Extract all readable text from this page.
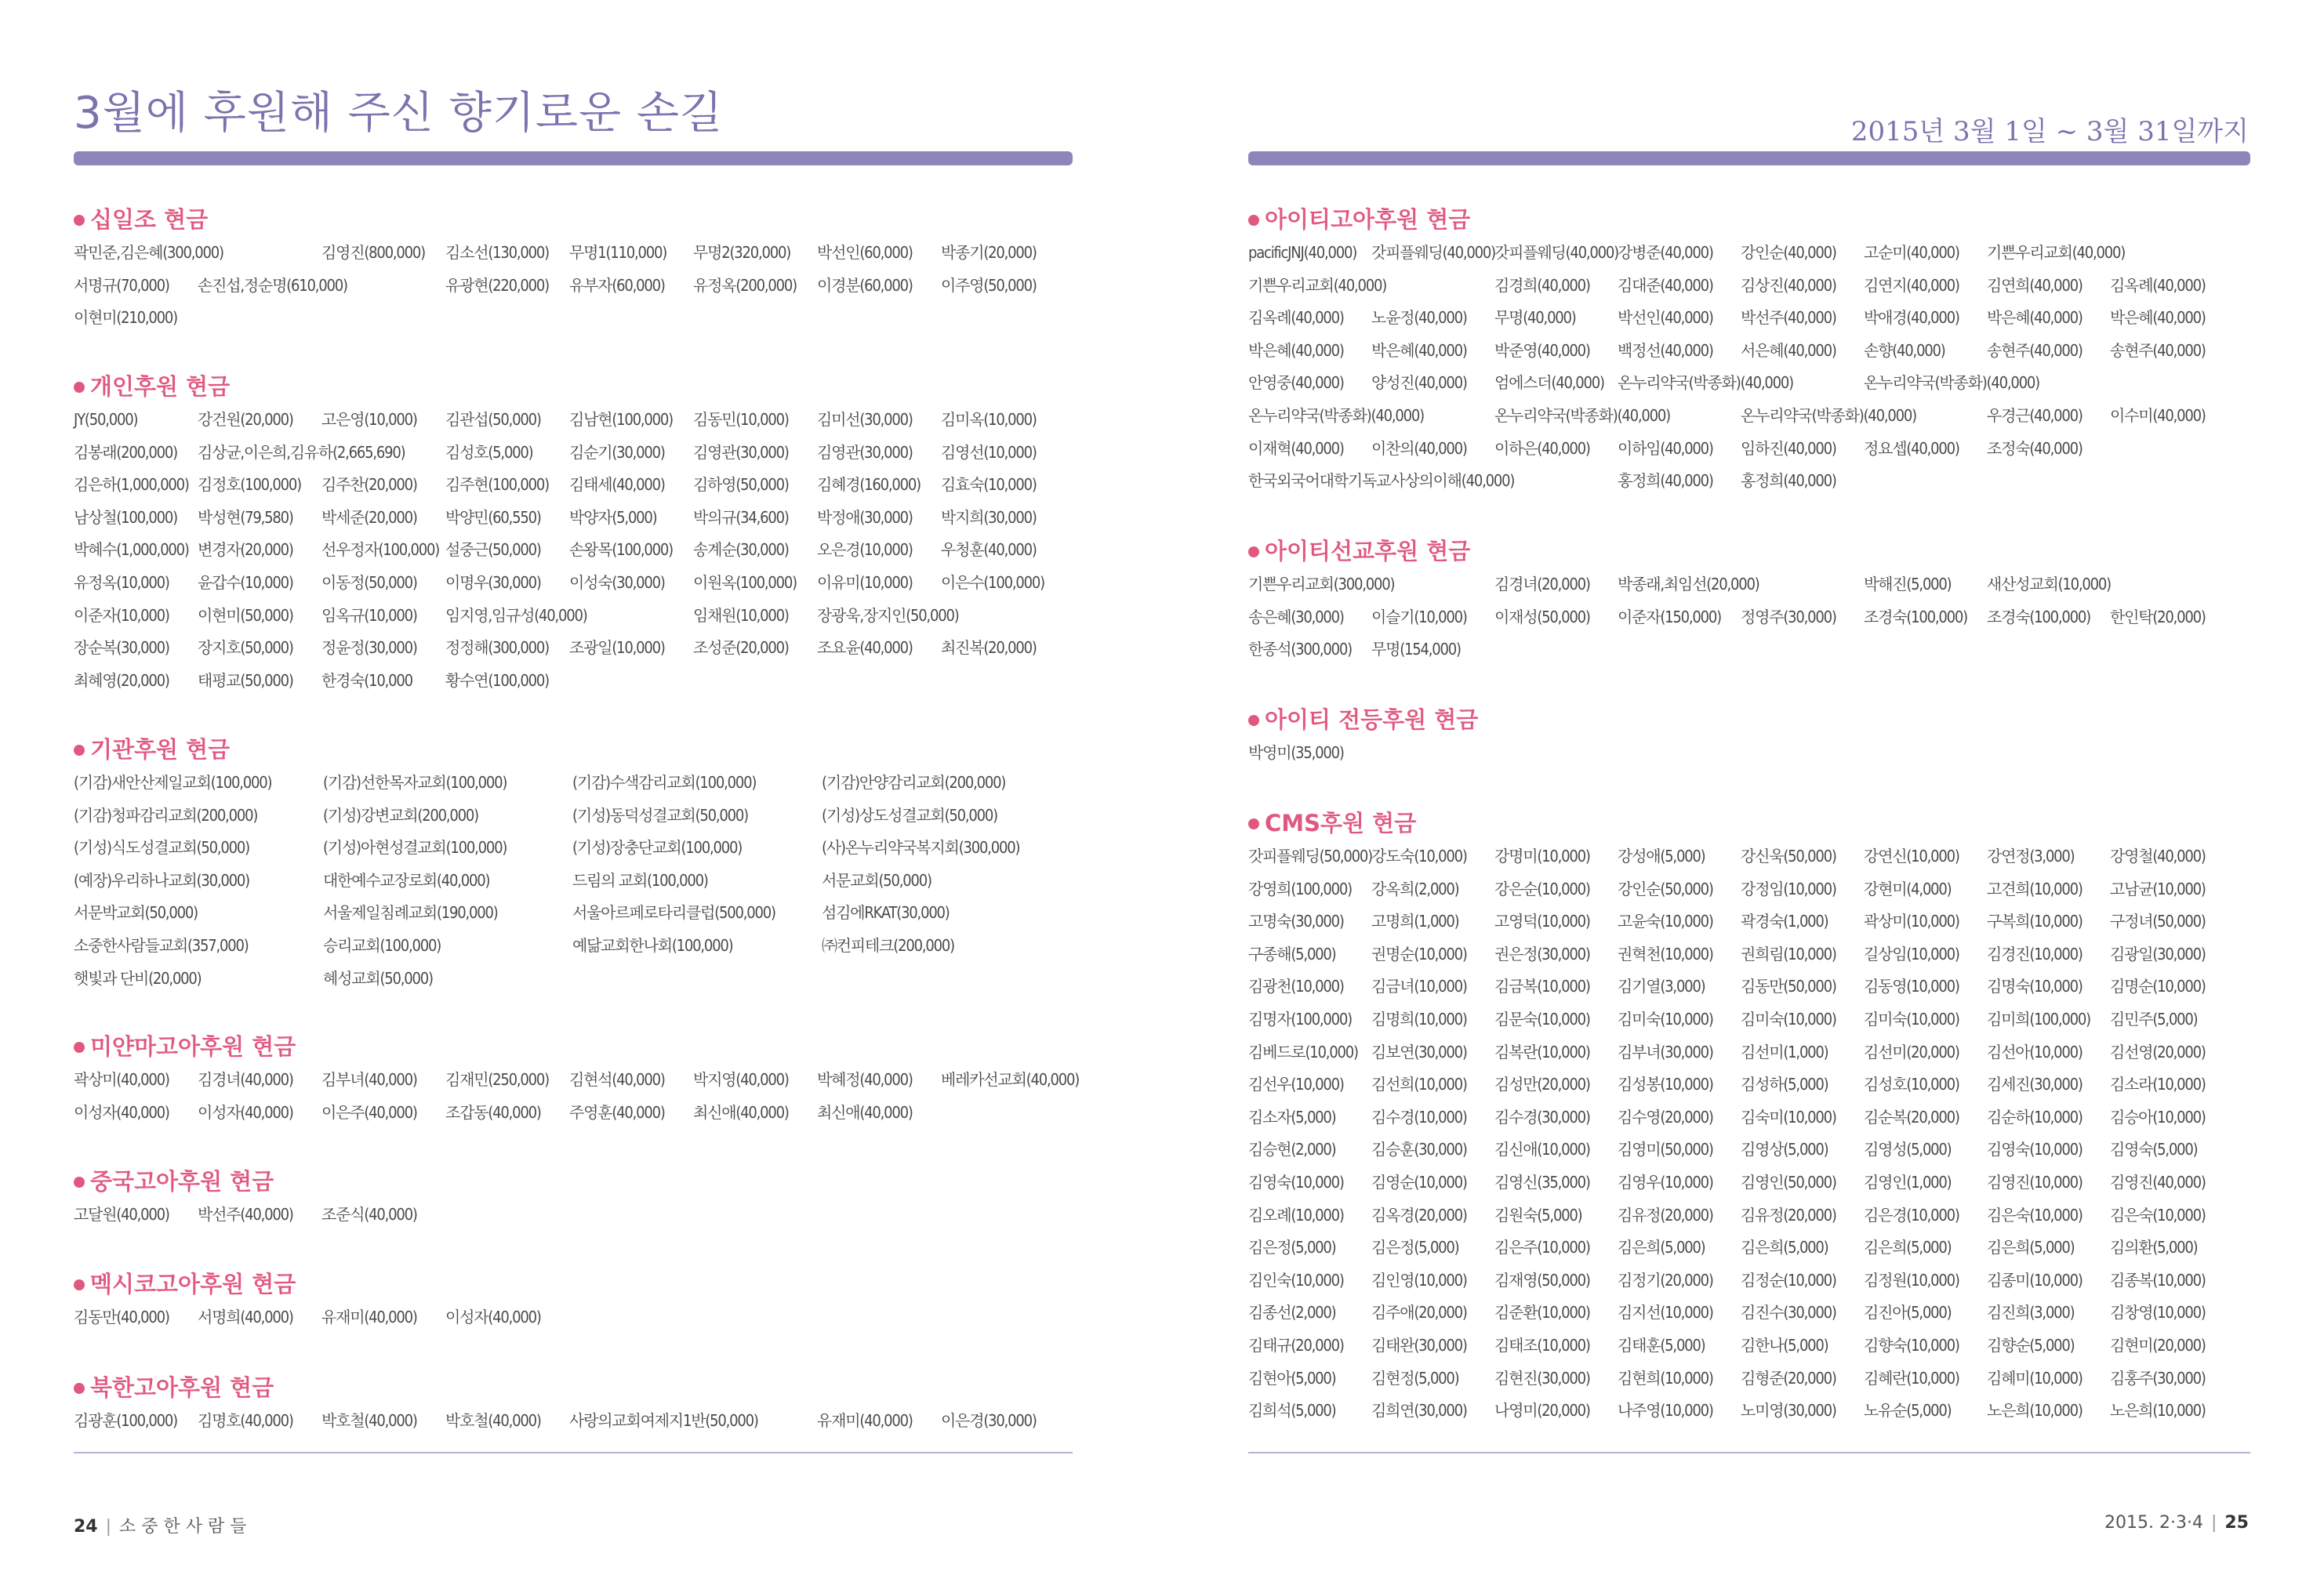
3월에 후원해 주신 향기로운 손길
십일조 현금
곽민준,김은혜(300,000)	김영진(800,000) 김소선(130,000) 무명1(110,000) 무명2(320,000) 박선인(60,000) 박종기(20,000)
서명규(70,000) 손진섭,정순명(610,000)	유광현(220,000) 유부자(60,000) 유정옥(200,000) 이경분(60,000) 이주영(50,000)
이현미(210,000)
개인후원 현금
JY(50,000)	강건원(20,000) 고은영(10,000) 김관섭(50,000) 김남현(100,000) 김동민(10,000) 김미선(30,000) 김미옥(10,000)
김봉래(200,000) 김상균,이은희,김유하(2,665,690)	김성호(5,000) 김순기(30,000) 김영관(30,000) 김영관(30,000) 김영선(10,000)
김은하(1,000,000) 김정호(100,000) 김주찬(20,000) 김주현(100,000) 김태세(40,000) 김하영(50,000) 김혜경(160,000) 김효숙(10,000)
남상철(100,000) 박성현(79,580) 박세준(20,000) 박양민(60,550) 박양자(5,000) 박의규(34,600) 박정애(30,000) 박지희(30,000)
박혜수(1,000,000) 변경자(20,000) 선우정자(100,000) 설중근(50,000) 손왕목(100,000) 송계순(30,000) 오은경(10,000) 우청훈(40,000)
유정옥(10,000) 윤갑수(10,000) 이동정(50,000) 이명우(30,000) 이성숙(30,000) 이원옥(100,000) 이유미(10,000) 이은수(100,000)
이준자(10,000) 이현미(50,000) 임옥규(10,000) 임지영,임규성(40,000)	임채원(10,000) 장광욱,장지인(50,000)
장순복(30,000) 장지호(50,000) 정윤정(30,000) 정정해(300,000) 조광일(10,000) 조성준(20,000) 조요윤(40,000) 최진복(20,000)
최혜영(20,000) 태평교(50,000) 한경숙(10,000 황수연(100,000)
기관후원 현금
(기감)새안산제일교회(100,000)	(기감)선한목자교회(100,000)	(기감)수색감리교회(100,000)	(기감)안양감리교회(200,000)
(기감)청파감리교회(200,000)	(기성)강변교회(200,000)	(기성)동덕성결교회(50,000)	(기성)상도성결교회(50,000)
(기성)식도성결교회(50,000)	(기성)아현성결교회(100,000)	(기성)장충단교회(100,000)	(사)온누리약국복지회(300,000)
(예장)우리하나교회(30,000)	대한예수교장로회(40,000)	드림의 교회(100,000)	서문교회(50,000)
서문박교회(50,000)	서울제일침례교회(190,000)	서울아르페로타리클럽(500,000)	섬김에RKAT(30,000)
소중한사람들교회(357,000)	승리교회(100,000)	예닮교회한나회(100,000)	㈜컨피테크(200,000)
햇빛과 단비(20,000)	혜성교회(50,000)
미얀마고아후원 현금
곽상미(40,000) 김경녀(40,000) 김부녀(40,000) 김재민(250,000) 김현석(40,000) 박지영(40,000) 박혜정(40,000) 베레카선교회(40,000)
이성자(40,000) 이성자(40,000) 이은주(40,000) 조갑동(40,000) 주영훈(40,000) 최신애(40,000) 최신애(40,000)
중국고아후원 현금
고달원(40,000) 박선주(40,000) 조준식(40,000)
멕시코고아후원 현금
김동만(40,000) 서명희(40,000) 유재미(40,000) 이성자(40,000)
북한고아후원 현금
김광훈(100,000) 김명호(40,000) 박호철(40,000) 박호철(40,000) 사랑의교회여제지1반(50,000)	유재미(40,000) 이은경(30,000)
24 | 소 중 한 사 람 들
2015년 3월 1일 ~ 3월 31일까지
아이티고아후원 현금
pacificJNJ(40,000) 갓피플웨딩(40,000) 갓피플웨딩(40,000) 강병준(40,000) 강인순(40,000) 고순미(40,000) 기쁜우리교회(40,000)
기쁜우리교회(40,000)	김경희(40,000) 김대준(40,000) 김상진(40,000) 김연지(40,000) 김연희(40,000) 김옥례(40,000)
김옥례(40,000) 노윤정(40,000) 무명(40,000)	박선인(40,000) 박선주(40,000) 박애경(40,000) 박은혜(40,000) 박은혜(40,000)
박은혜(40,000) 박은혜(40,000) 박준영(40,000) 백정선(40,000) 서은혜(40,000) 손향(40,000)	송현주(40,000) 송현주(40,000)
안영중(40,000) 양성진(40,000) 엄에스더(40,000) 온누리약국(박종화)(40,000)	온누리약국(박종화)(40,000)
온누리약국(박종화)(40,000)	온누리약국(박종화)(40,000)	온누리약국(박종화)(40,000)	우경근(40,000) 이수미(40,000)
이재혁(40,000) 이찬의(40,000) 이하은(40,000) 이하임(40,000) 임하진(40,000) 정요셉(40,000) 조정숙(40,000)
한국외국어대학기독교사상의이해(40,000)	홍정희(40,000) 홍정희(40,000)
아이티선교후원 현금
기쁜우리교회(300,000)	김경녀(20,000) 박종래,최임선(20,000)	박해진(5,000) 새산성교회(10,000)
송은혜(30,000) 이슬기(10,000) 이재성(50,000) 이준자(150,000) 정영주(30,000) 조경숙(100,000) 조경숙(100,000) 한인탁(20,000)
한종석(300,000) 무명(154,000)
아이티 전등후원 현금
박영미(35,000)
CMS후원 현금
갓피플웨딩(50,000) 강도숙(10,000) 강명미(10,000) 강성애(5,000) 강신욱(50,000) 강연신(10,000) 강연정(3,000) 강영철(40,000)
강영희(100,000) 강옥희(2,000) 강은순(10,000) 강인순(50,000) 강정임(10,000) 강현미(4,000) 고견희(10,000) 고남균(10,000)
고명숙(30,000) 고명희(1,000) 고영덕(10,000) 고윤숙(10,000) 곽경숙(1,000) 곽상미(10,000) 구복희(10,000) 구정녀(50,000)
구종해(5,000) 권명순(10,000) 권은정(30,000) 권혁천(10,000) 권희림(10,000) 길상임(10,000) 김경진(10,000) 김광일(30,000)
김광천(10,000) 김금녀(10,000) 김금복(10,000) 김기열(3,000) 김동만(50,000) 김동영(10,000) 김명숙(10,000) 김명순(10,000)
김명자(100,000) 김명희(10,000) 김문숙(10,000) 김미숙(10,000) 김미숙(10,000) 김미숙(10,000) 김미희(100,000) 김민주(5,000)
김베드로(10,000) 김보연(30,000) 김복란(10,000) 김부녀(30,000) 김선미(1,000) 김선미(20,000) 김선아(10,000) 김선영(20,000)
김선우(10,000) 김선희(10,000) 김성만(20,000) 김성봉(10,000) 김성하(5,000) 김성호(10,000) 김세진(30,000) 김소라(10,000)
김소자(5,000) 김수경(10,000) 김수경(30,000) 김수영(20,000) 김숙미(10,000) 김순복(20,000) 김순하(10,000) 김승아(10,000)
김승현(2,000) 김승훈(30,000) 김신애(10,000) 김영미(50,000) 김영상(5,000) 김영성(5,000) 김영숙(10,000) 김영숙(5,000)
김영숙(10,000) 김영순(10,000) 김영신(35,000) 김영우(10,000) 김영인(50,000) 김영인(1,000) 김영진(10,000) 김영진(40,000)
김오례(10,000) 김옥경(20,000) 김원숙(5,000) 김유정(20,000) 김유정(20,000) 김은경(10,000) 김은숙(10,000) 김은숙(10,000)
김은정(5,000) 김은정(5,000) 김은주(10,000) 김은희(5,000) 김은희(5,000) 김은희(5,000) 김은희(5,000) 김의환(5,000)
김인숙(10,000) 김인영(10,000) 김재영(50,000) 김정기(20,000) 김정순(10,000) 김정원(10,000) 김종미(10,000) 김종복(10,000)
김종선(2,000) 김주애(20,000) 김준환(10,000) 김지선(10,000) 김진수(30,000) 김진아(5,000) 김진희(3,000) 김창영(10,000)
김태규(20,000) 김태완(30,000) 김태조(10,000) 김태훈(5,000) 김한나(5,000) 김향숙(10,000) 김향순(5,000) 김현미(20,000)
김현아(5,000) 김현정(5,000) 김현진(30,000) 김현희(10,000) 김형준(20,000) 김혜란(10,000) 김혜미(10,000) 김홍주(30,000)
김희석(5,000) 김희연(30,000) 나영미(20,000) 나주영(10,000) 노미영(30,000) 노유순(5,000) 노은희(10,000) 노은희(10,000)
2015. 2·3·4 | 25
